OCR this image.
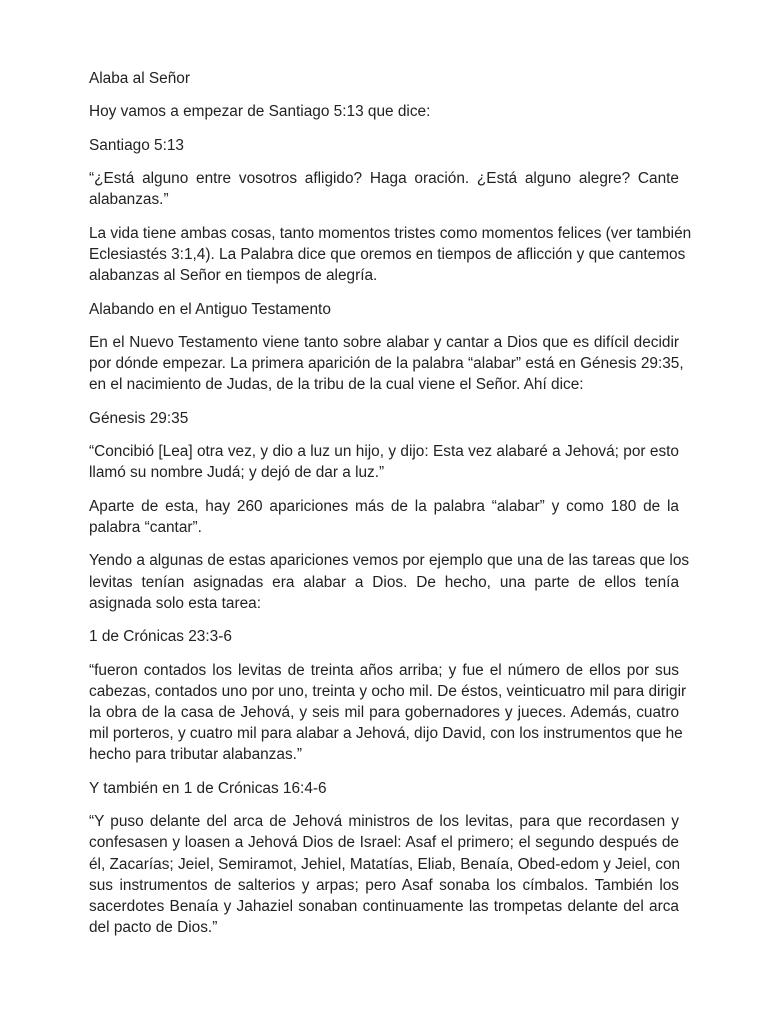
Alaba al Señor

Hoy vamos a empezar de Santiago 5:13 que dice:

Santiago 5:13

“¿Está alguno entre vosotros afligido? Haga oración. ¿Está alguno alegre? Cante
alabanzas.”

La vida tiene ambas cosas, tanto momentos tristes como momentos felices (ver también
Eclesiastés 3:1,4). La Palabra dice que oremos en tiempos de aflicción y que cantemos
alabanzas al Señor en tiempos de alegría.

Alabando en el Antiguo Testamento

En el Nuevo Testamento viene tanto sobre alabar y cantar a Dios que es difícil decidir
por dónde empezar. La primera aparición de la palabra “alabar” está en Génesis 29:35,
en el nacimiento de Judas, de la tribu de la cual viene el Señor. Ahí dice:

Génesis 29:35

“Concibió [Lea] otra vez, y dio a luz un hijo, y dijo: Esta vez alabaré a Jehová; por esto
llamó su nombre Judá; y dejó de dar a luz.”

Aparte de esta, hay 260 apariciones más de la palabra “alabar” y como 180 de la
palabra “cantar”.

Yendo a algunas de estas apariciones vemos por ejemplo que una de las tareas que los
levitas tenían asignadas era alabar a Dios. De hecho, una parte de ellos tenía
asignada solo esta tarea:

1 de Crónicas 23:3-6

“fueron contados los levitas de treinta años arriba; y fue el número de ellos por sus
cabezas, contados uno por uno, treinta y ocho mil. De éstos, veinticuatro mil para dirigir
la obra de la casa de Jehová, y seis mil para gobernadores y jueces. Además, cuatro
mil porteros, y cuatro mil para alabar a Jehová, dijo David, con los instrumentos que he
hecho para tributar alabanzas.”

Y también en 1 de Crónicas 16:4-6

“Y puso delante del arca de Jehová ministros de los levitas, para que recordasen y
confesasen y loasen a Jehová Dios de Israel: Asaf el primero; el segundo después de
él, Zacarías; Jeiel, Semiramot, Jehiel, Matatías, Eliab, Benaía, Obed-edom y Jeiel, con
sus instrumentos de salterios y arpas; pero Asaf sonaba los címbalos. También los
sacerdotes Benaía y Jahaziel sonaban continuamente las trompetas delante del arca
del pacto de Dios.”
